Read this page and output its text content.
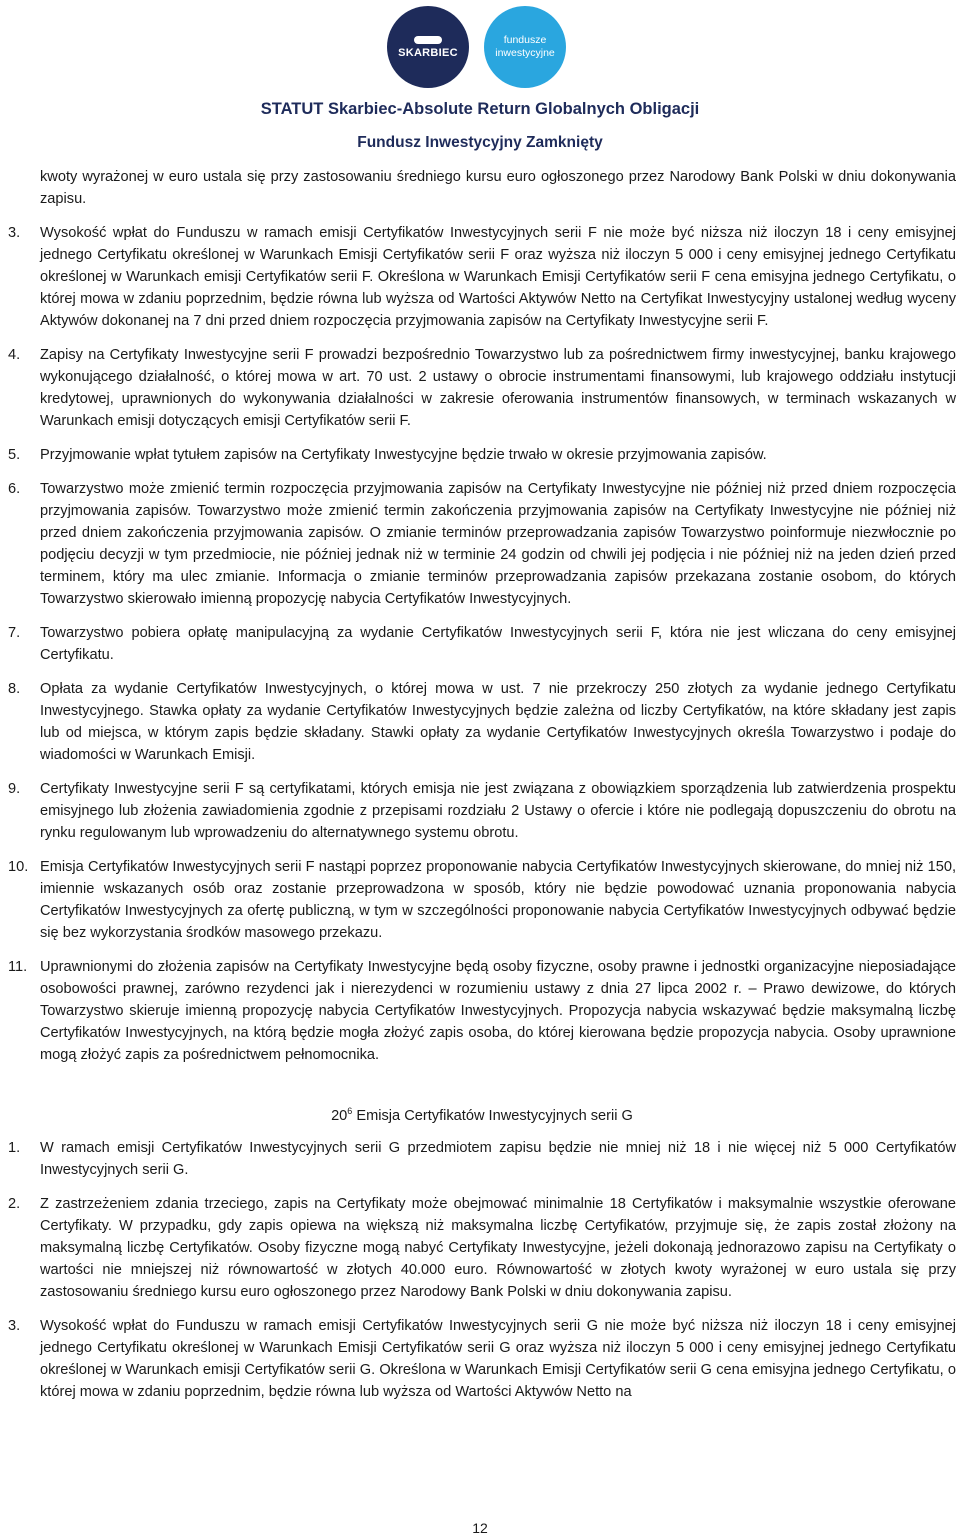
SKARBIEC
fundusze
inwestycyjne
STATUT Skarbiec-Absolute Return Globalnych Obligacji
Fundusz Inwestycyjny Zamknięty
kwoty wyrażonej w euro ustala się przy zastosowaniu średniego kursu euro ogłoszonego przez Narodowy Bank Polski w dniu dokonywania zapisu.
3. Wysokość wpłat do Funduszu w ramach emisji Certyfikatów Inwestycyjnych serii F nie może być niższa niż iloczyn 18 i ceny emisyjnej jednego Certyfikatu określonej w Warunkach Emisji Certyfikatów serii F oraz wyższa niż iloczyn 5 000 i ceny emisyjnej jednego Certyfikatu określonej w Warunkach emisji Certyfikatów serii F. Określona w Warunkach Emisji Certyfikatów serii F cena emisyjna jednego Certyfikatu, o której mowa w zdaniu poprzednim, będzie równa lub wyższa od Wartości Aktywów Netto na Certyfikat Inwestycyjny ustalonej według wyceny Aktywów dokonanej na 7 dni przed dniem rozpoczęcia przyjmowania zapisów na Certyfikaty Inwestycyjne serii F.
4. Zapisy na Certyfikaty Inwestycyjne serii F prowadzi bezpośrednio Towarzystwo lub za pośrednictwem firmy inwestycyjnej, banku krajowego wykonującego działalność, o której mowa w art. 70 ust. 2 ustawy o obrocie instrumentami finansowymi, lub krajowego oddziału instytucji kredytowej, uprawnionych do wykonywania działalności w zakresie oferowania instrumentów finansowych, w terminach wskazanych w Warunkach emisji dotyczących emisji Certyfikatów serii F.
5. Przyjmowanie wpłat tytułem zapisów na Certyfikaty Inwestycyjne będzie trwało w okresie przyjmowania zapisów.
6. Towarzystwo może zmienić termin rozpoczęcia przyjmowania zapisów na Certyfikaty Inwestycyjne nie później niż przed dniem rozpoczęcia przyjmowania zapisów. Towarzystwo może zmienić termin zakończenia przyjmowania zapisów na Certyfikaty Inwestycyjne nie później niż przed dniem zakończenia przyjmowania zapisów. O zmianie terminów przeprowadzania zapisów Towarzystwo poinformuje niezwłocznie po podjęciu decyzji w tym przedmiocie, nie później jednak niż w terminie 24 godzin od chwili jej podjęcia i nie później niż na jeden dzień przed terminem, który ma ulec zmianie. Informacja o zmianie terminów przeprowadzania zapisów przekazana zostanie osobom, do których Towarzystwo skierowało imienną propozycję nabycia Certyfikatów Inwestycyjnych.
7. Towarzystwo pobiera opłatę manipulacyjną za wydanie Certyfikatów Inwestycyjnych serii F, która nie jest wliczana do ceny emisyjnej Certyfikatu.
8. Opłata za wydanie Certyfikatów Inwestycyjnych, o której mowa w ust. 7 nie przekroczy 250 złotych za wydanie jednego Certyfikatu Inwestycyjnego. Stawka opłaty za wydanie Certyfikatów Inwestycyjnych będzie zależna od liczby Certyfikatów, na które składany jest zapis lub od miejsca, w którym zapis będzie składany. Stawki opłaty za wydanie Certyfikatów Inwestycyjnych określa Towarzystwo i podaje do wiadomości w Warunkach Emisji.
9. Certyfikaty Inwestycyjne serii F są certyfikatami, których emisja nie jest związana z obowiązkiem sporządzenia lub zatwierdzenia prospektu emisyjnego lub złożenia zawiadomienia zgodnie z przepisami rozdziału 2 Ustawy o ofercie i które nie podlegają dopuszczeniu do obrotu na rynku regulowanym lub wprowadzeniu do alternatywnego systemu obrotu.
10. Emisja Certyfikatów Inwestycyjnych serii F nastąpi poprzez proponowanie nabycia Certyfikatów Inwestycyjnych skierowane, do mniej niż 150, imiennie wskazanych osób oraz zostanie przeprowadzona w sposób, który nie będzie powodować uznania proponowania nabycia Certyfikatów Inwestycyjnych za ofertę publiczną, w tym w szczególności proponowanie nabycia Certyfikatów Inwestycyjnych odbywać będzie się bez wykorzystania środków masowego przekazu.
11. Uprawnionymi do złożenia zapisów na Certyfikaty Inwestycyjne będą osoby fizyczne, osoby prawne i jednostki organizacyjne nieposiadające osobowości prawnej, zarówno rezydenci jak i nierezydenci w rozumieniu ustawy z dnia 27 lipca 2002 r. – Prawo dewizowe, do których Towarzystwo skieruje imienną propozycję nabycia Certyfikatów Inwestycyjnych. Propozycja nabycia wskazywać będzie maksymalną liczbę Certyfikatów Inwestycyjnych, na którą będzie mogła złożyć zapis osoba, do której kierowana będzie propozycja nabycia. Osoby uprawnione mogą złożyć zapis za pośrednictwem pełnomocnika.
$20^6$ Emisja Certyfikatów Inwestycyjnych serii G
1. W ramach emisji Certyfikatów Inwestycyjnych serii G przedmiotem zapisu będzie nie mniej niż 18 i nie więcej niż 5 000 Certyfikatów Inwestycyjnych serii G.
2. Z zastrzeżeniem zdania trzeciego, zapis na Certyfikaty może obejmować minimalnie 18 Certyfikatów i maksymalnie wszystkie oferowane Certyfikaty. W przypadku, gdy zapis opiewa na większą niż maksymalna liczbę Certyfikatów, przyjmuje się, że zapis został złożony na maksymalną liczbę Certyfikatów. Osoby fizyczne mogą nabyć Certyfikaty Inwestycyjne, jeżeli dokonają jednorazowo zapisu na Certyfikaty o wartości nie mniejszej niż równowartość w złotych 40.000 euro. Równowartość w złotych kwoty wyrażonej w euro ustala się przy zastosowaniu średniego kursu euro ogłoszonego przez Narodowy Bank Polski w dniu dokonywania zapisu.
3. Wysokość wpłat do Funduszu w ramach emisji Certyfikatów Inwestycyjnych serii G nie może być niższa niż iloczyn 18 i ceny emisyjnej jednego Certyfikatu określonej w Warunkach Emisji Certyfikatów serii G oraz wyższa niż iloczyn 5 000 i ceny emisyjnej jednego Certyfikatu określonej w Warunkach emisji Certyfikatów serii G. Określona w Warunkach Emisji Certyfikatów serii G cena emisyjna jednego Certyfikatu, o której mowa w zdaniu poprzednim, będzie równa lub wyższa od Wartości Aktywów Netto na
12
